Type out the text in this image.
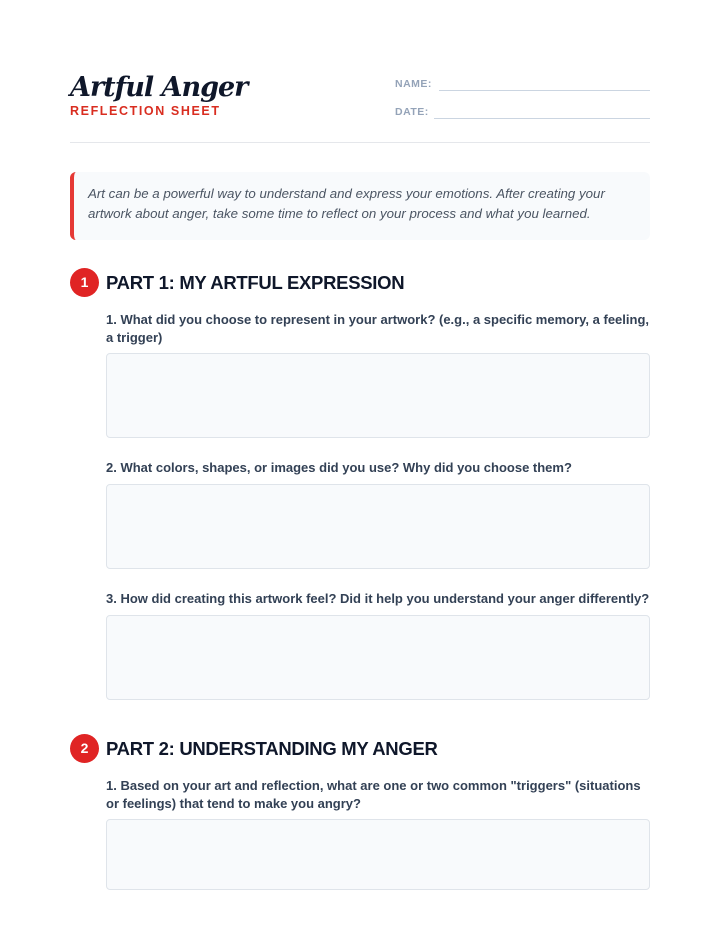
Artful Anger
REFLECTION SHEET
NAME:
DATE:
Art can be a powerful way to understand and express your emotions. After creating your artwork about anger, take some time to reflect on your process and what you learned.
1 PART 1: MY ARTFUL EXPRESSION
1. What did you choose to represent in your artwork? (e.g., a specific memory, a feeling, a trigger)
2. What colors, shapes, or images did you use? Why did you choose them?
3. How did creating this artwork feel? Did it help you understand your anger differently?
2 PART 2: UNDERSTANDING MY ANGER
1. Based on your art and reflection, what are one or two common "triggers" (situations or feelings) that tend to make you angry?
